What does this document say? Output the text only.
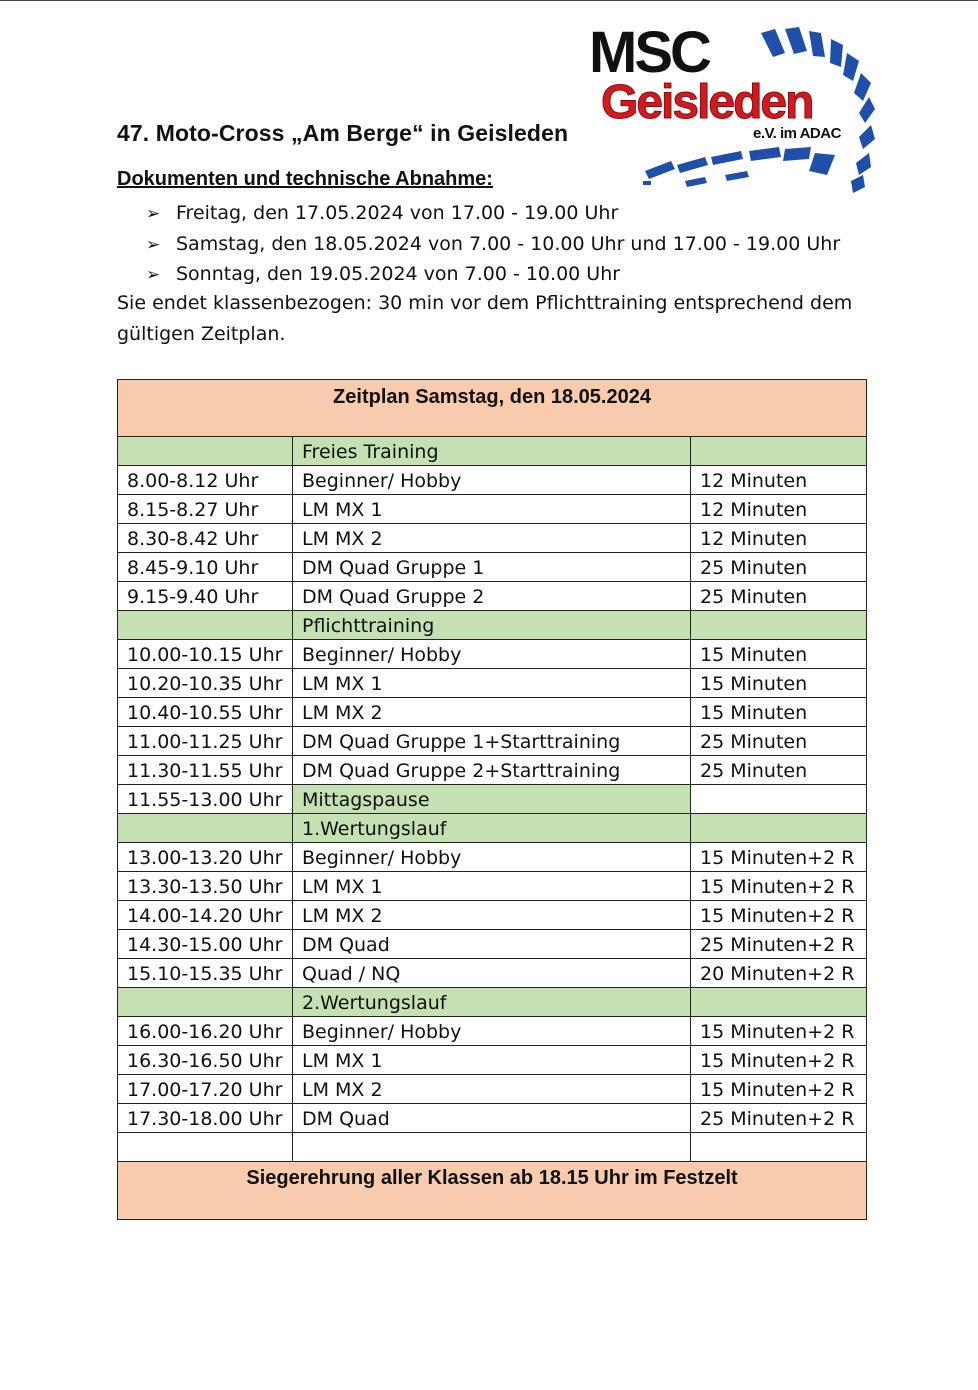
MSC
Geisleden
e.V. im ADAC
47. Moto-Cross „Am Berge“ in Geisleden
Dokumenten und technische Abnahme:
➢ Freitag, den 17.05.2024 von 17.00 - 19.00 Uhr
➢ Samstag, den 18.05.2024 von 7.00 - 10.00 Uhr und 17.00 - 19.00 Uhr
➢ Sonntag, den 19.05.2024 von 7.00 - 10.00 Uhr
Sie endet klassenbezogen: 30 min vor dem Pflichttraining entsprechend dem gültigen Zeitplan.
Zeitplan Samstag, den 18.05.2024		
	Freies Training	
8.00-8.12 Uhr	Beginner/ Hobby	12 Minuten
8.15-8.27 Uhr	LM MX 1	12 Minuten
8.30-8.42 Uhr	LM MX 2	12 Minuten
8.45-9.10 Uhr	DM Quad Gruppe 1	25 Minuten
9.15-9.40 Uhr	DM Quad Gruppe 2	25 Minuten
	Pflichttraining	
10.00-10.15 Uhr	Beginner/ Hobby	15 Minuten
10.20-10.35 Uhr	LM MX 1	15 Minuten
10.40-10.55 Uhr	LM MX 2	15 Minuten
11.00-11.25 Uhr	DM Quad Gruppe 1+Starttraining	25 Minuten
11.30-11.55 Uhr	DM Quad Gruppe 2+Starttraining	25 Minuten
11.55-13.00 Uhr	Mittagspause	
	1.Wertungslauf	
13.00-13.20 Uhr	Beginner/ Hobby	15 Minuten+2 R
13.30-13.50 Uhr	LM MX 1	15 Minuten+2 R
14.00-14.20 Uhr	LM MX 2	15 Minuten+2 R
14.30-15.00 Uhr	DM Quad	25 Minuten+2 R
15.10-15.35 Uhr	Quad / NQ	20 Minuten+2 R
	2.Wertungslauf	
16.00-16.20 Uhr	Beginner/ Hobby	15 Minuten+2 R
16.30-16.50 Uhr	LM MX 1	15 Minuten+2 R
17.00-17.20 Uhr	LM MX 2	15 Minuten+2 R
17.30-18.00 Uhr	DM Quad	25 Minuten+2 R

Siegerehrung aller Klassen ab 18.15 Uhr im Festzelt		
